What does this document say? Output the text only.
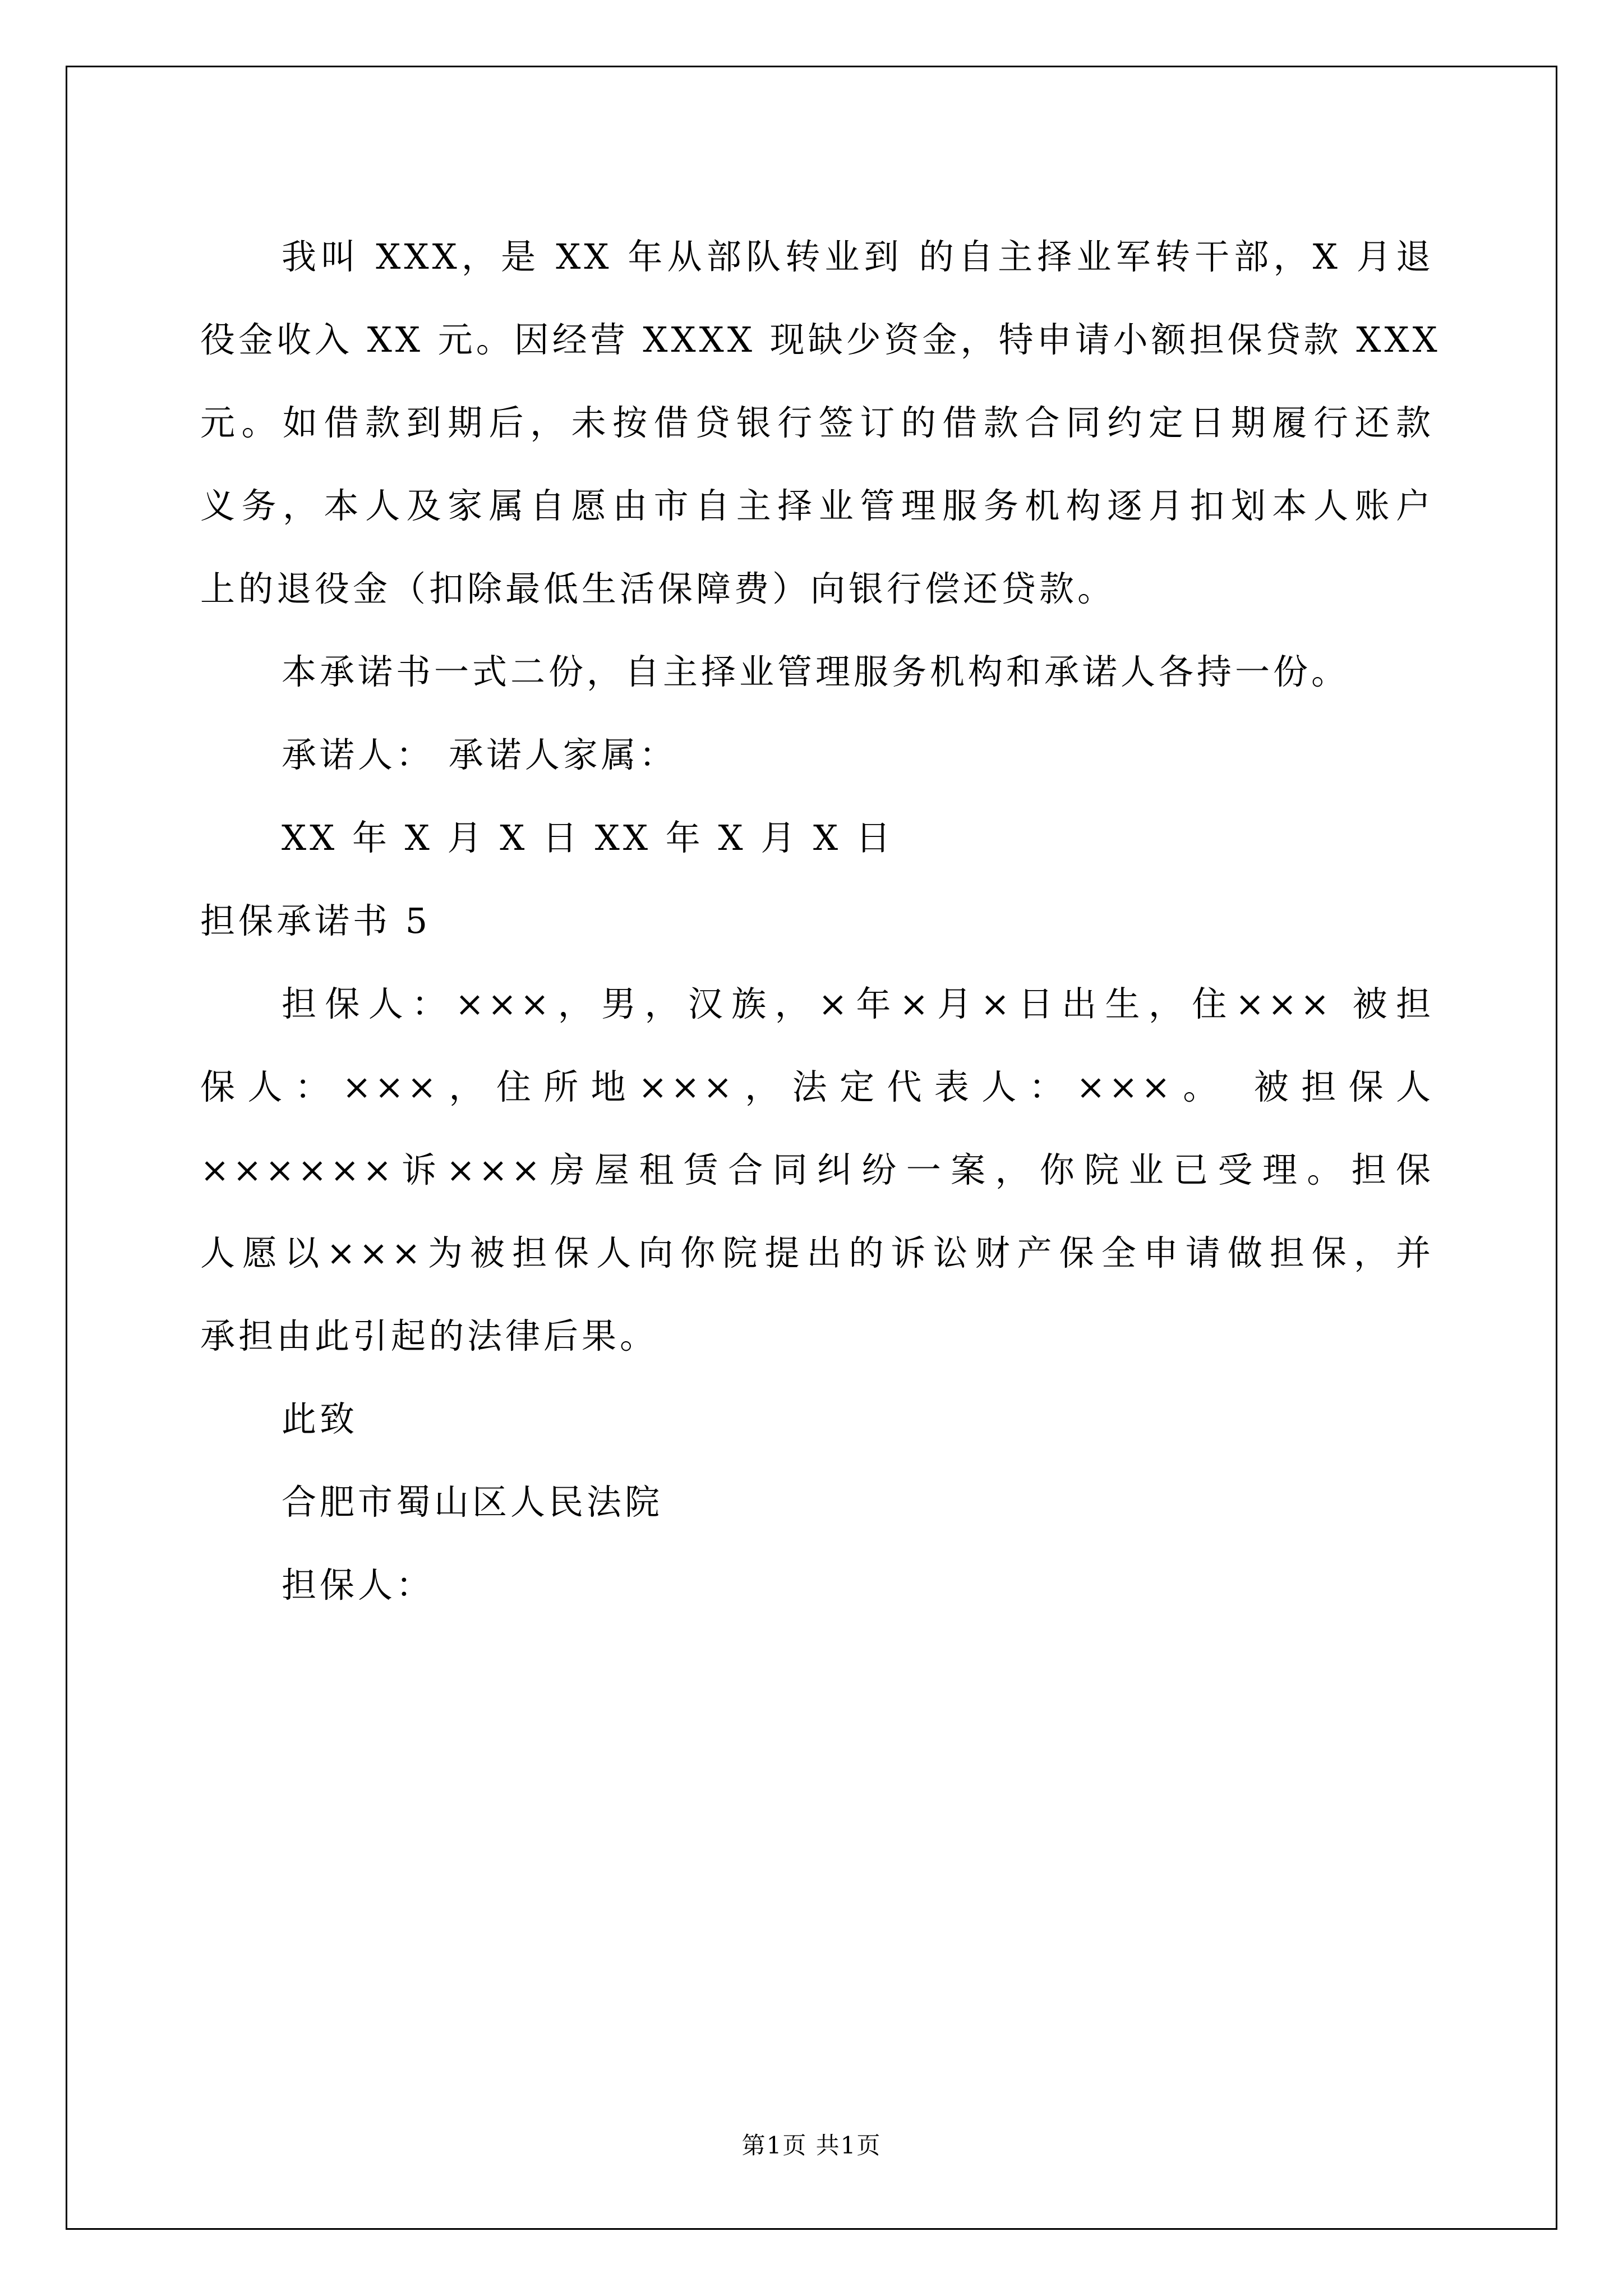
我叫 XXX，是 XX 年从部队转业到 的自主择业军转干部，X 月退
役金收入 XX 元。因经营 XXXX 现缺少资金，特申请小额担保贷款 XXX
元。如借款到期后，未按借贷银行签订的借款合同约定日期履行还款
义务，本人及家属自愿由市自主择业管理服务机构逐月扣划本人账户
上的退役金（扣除最低生活保障费）向银行偿还贷款。
本承诺书一式二份，自主择业管理服务机构和承诺人各持一份。
承诺人： 承诺人家属：
XX 年 X 月 X 日 XX 年 X 月 X 日
担保承诺书 5
担保人：×××，男，汉族，×年×月×日出生，住××× 被担
保人：×××，住所地×××，法定代表人：×××。 被担保人
××××××诉×××房屋租赁合同纠纷一案，你院业已受理。担保
人愿以×××为被担保人向你院提出的诉讼财产保全申请做担保，并
承担由此引起的法律后果。
此致
合肥市蜀山区人民法院
担保人：
第1页 共1页
